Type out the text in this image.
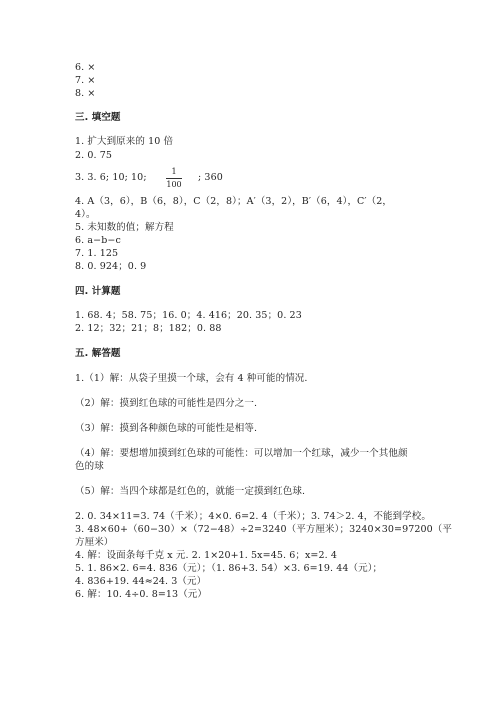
6. ×
7. ×
8. ×
三. 填空题
1. 扩大到原来的 10 倍
2. 0. 75
3. 3. 6; 10; 10;
1
100
; 360
4. A（3，6），B（6，8），C（2，8）；A′（3，2），B′（6，4），C′（2，
4）。
5. 未知数的值；解方程
6. a−b−c
7. 1. 125
8. 0. 924；0. 9
四. 计算题
1. 68. 4；58. 75；16. 0；4. 416；20. 35；0. 23
2. 12；32；21；8；182；0. 88
五. 解答题
1.（1）解：从袋子里摸一个球，会有 4 种可能的情况.
（2）解：摸到红色球的可能性是四分之一.
（3）解：摸到各种颜色球的可能性是相等.
（4）解：要想增加摸到红色球的可能性：可以增加一个红球，减少一个其他颜
色的球
（5）解：当四个球都是红色的，就能一定摸到红色球.
2. 0. 34×11=3. 74（千米）；4×0. 6=2. 4（千米）；3. 74＞2. 4，不能到学校。
3. 48×60+（60−30）×（72−48）÷2=3240（平方厘米）；3240×30=97200（平
方厘米）
4. 解：设面条每千克 x 元. 2. 1×20+1. 5x=45. 6；x=2. 4
5. 1. 86×2. 6=4. 836（元）；（1. 86+3. 54）×3. 6=19. 44（元）；
4. 836+19. 44≈24. 3（元）
6. 解：10. 4÷0. 8=13（元）
